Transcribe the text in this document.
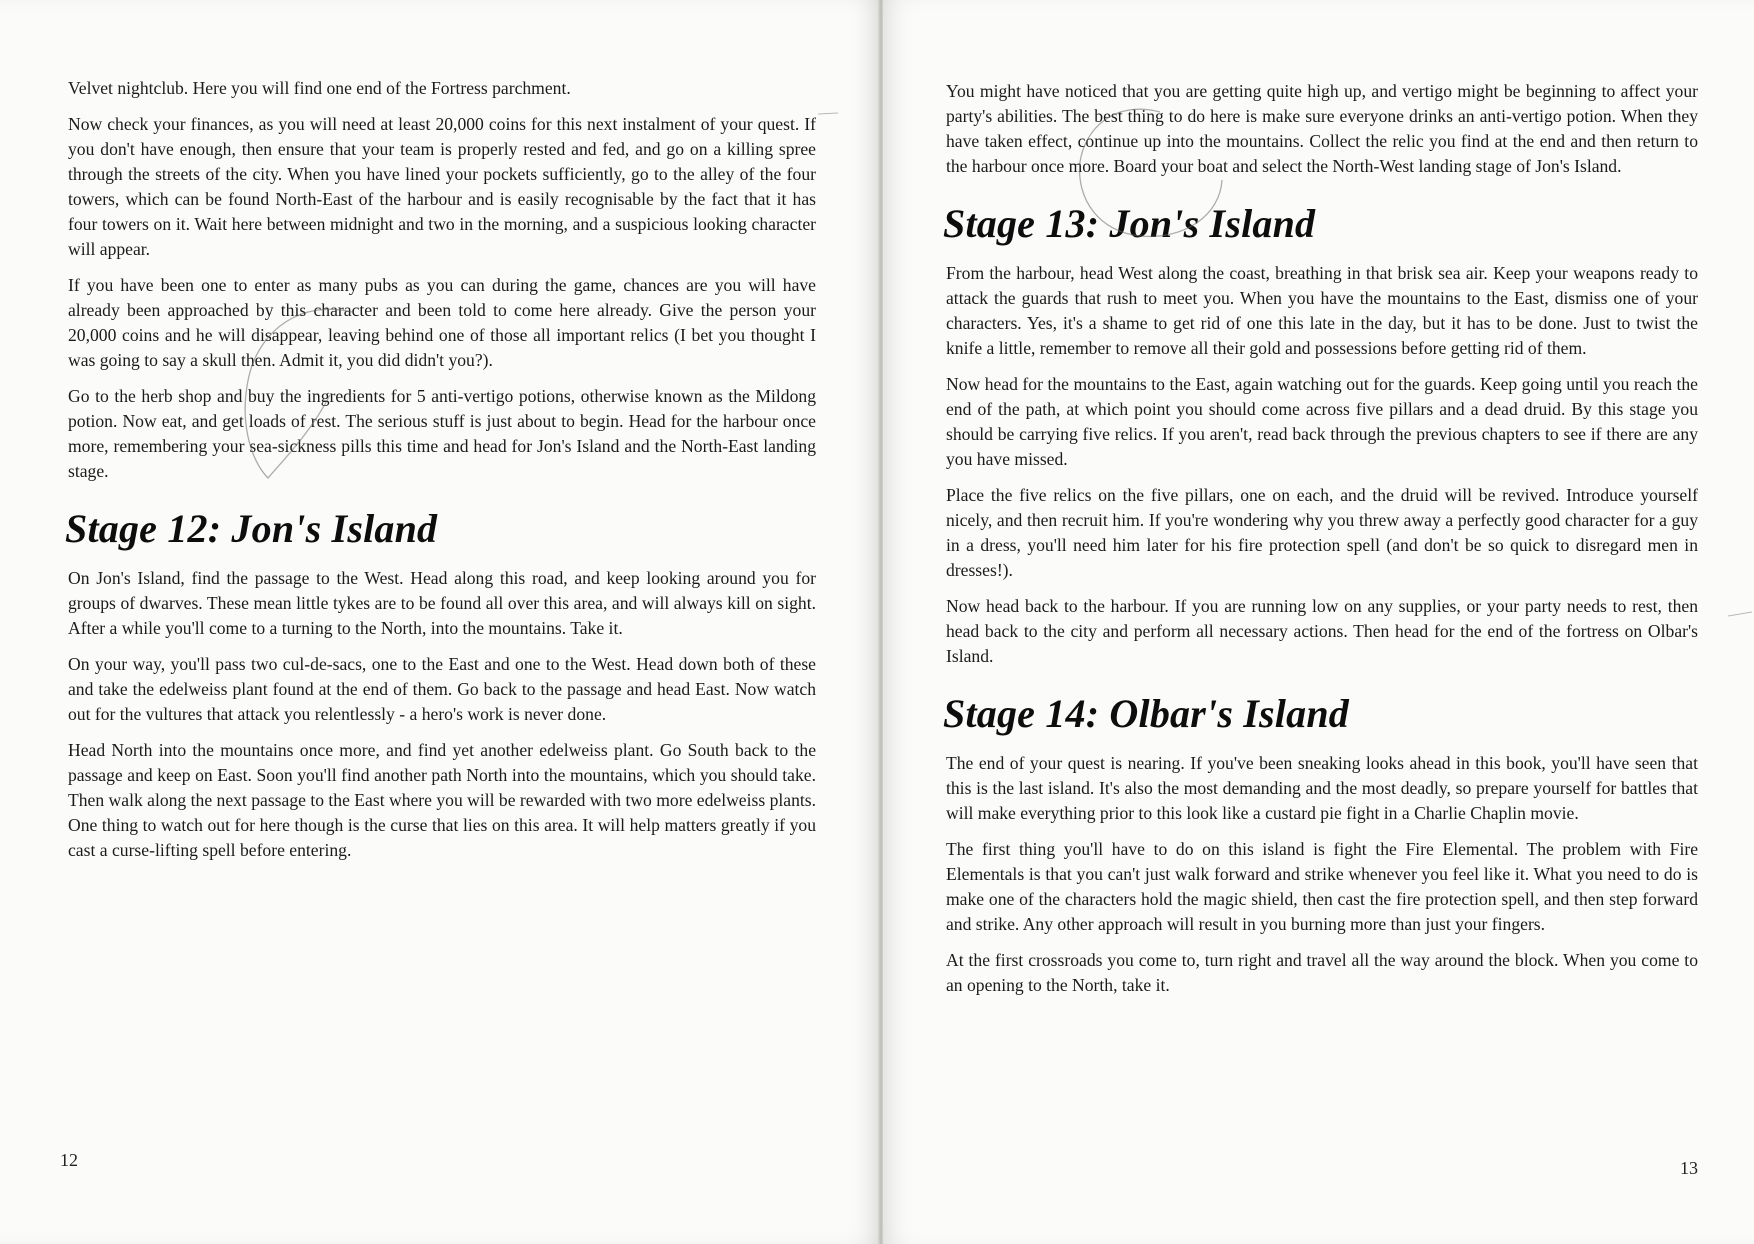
Velvet nightclub. Here you will find one end of the Fortress parchment.

Now check your finances, as you will need at least 20,000 coins for this next instalment of your quest. If you don't have enough, then ensure that your team is properly rested and fed, and go on a killing spree through the streets of the city. When you have lined your pockets sufficiently, go to the alley of the four towers, which can be found North-East of the harbour and is easily recognisable by the fact that it has four towers on it. Wait here between midnight and two in the morning, and a suspicious looking character will appear.

If you have been one to enter as many pubs as you can during the game, chances are you will have already been approached by this character and been told to come here already. Give the person your 20,000 coins and he will disappear, leaving behind one of those all important relics (I bet you thought I was going to say a skull then. Admit it, you did didn't you?).

Go to the herb shop and buy the ingredients for 5 anti-vertigo potions, otherwise known as the Mildong potion. Now eat, and get loads of rest. The serious stuff is just about to begin. Head for the harbour once more, remembering your sea-sickness pills this time and head for Jon's Island and the North-East landing stage.

Stage 12: Jon's Island

On Jon's Island, find the passage to the West. Head along this road, and keep looking around you for groups of dwarves. These mean little tykes are to be found all over this area, and will always kill on sight. After a while you'll come to a turning to the North, into the mountains. Take it.

On your way, you'll pass two cul-de-sacs, one to the East and one to the West. Head down both of these and take the edelweiss plant found at the end of them. Go back to the passage and head East. Now watch out for the vultures that attack you relentlessly - a hero's work is never done.

Head North into the mountains once more, and find yet another edelweiss plant. Go South back to the passage and keep on East. Soon you'll find another path North into the mountains, which you should take. Then walk along the next passage to the East where you will be rewarded with two more edelweiss plants. One thing to watch out for here though is the curse that lies on this area. It will help matters greatly if you cast a curse-lifting spell before entering.

12

You might have noticed that you are getting quite high up, and vertigo might be beginning to affect your party's abilities. The best thing to do here is make sure everyone drinks an anti-vertigo potion. When they have taken effect, continue up into the mountains. Collect the relic you find at the end and then return to the harbour once more. Board your boat and select the North-West landing stage of Jon's Island.

Stage 13: Jon's Island

From the harbour, head West along the coast, breathing in that brisk sea air. Keep your weapons ready to attack the guards that rush to meet you. When you have the mountains to the East, dismiss one of your characters. Yes, it's a shame to get rid of one this late in the day, but it has to be done. Just to twist the knife a little, remember to remove all their gold and possessions before getting rid of them.

Now head for the mountains to the East, again watching out for the guards. Keep going until you reach the end of the path, at which point you should come across five pillars and a dead druid. By this stage you should be carrying five relics. If you aren't, read back through the previous chapters to see if there are any you have missed.

Place the five relics on the five pillars, one on each, and the druid will be revived. Introduce yourself nicely, and then recruit him. If you're wondering why you threw away a perfectly good character for a guy in a dress, you'll need him later for his fire protection spell (and don't be so quick to disregard men in dresses!).

Now head back to the harbour. If you are running low on any supplies, or your party needs to rest, then head back to the city and perform all necessary actions. Then head for the end of the fortress on Olbar's Island.

Stage 14: Olbar's Island

The end of your quest is nearing. If you've been sneaking looks ahead in this book, you'll have seen that this is the last island. It's also the most demanding and the most deadly, so prepare yourself for battles that will make everything prior to this look like a custard pie fight in a Charlie Chaplin movie.

The first thing you'll have to do on this island is fight the Fire Elemental. The problem with Fire Elementals is that you can't just walk forward and strike whenever you feel like it. What you need to do is make one of the characters hold the magic shield, then cast the fire protection spell, and then step forward and strike. Any other approach will result in you burning more than just your fingers.

At the first crossroads you come to, turn right and travel all the way around the block. When you come to an opening to the North, take it.

13
